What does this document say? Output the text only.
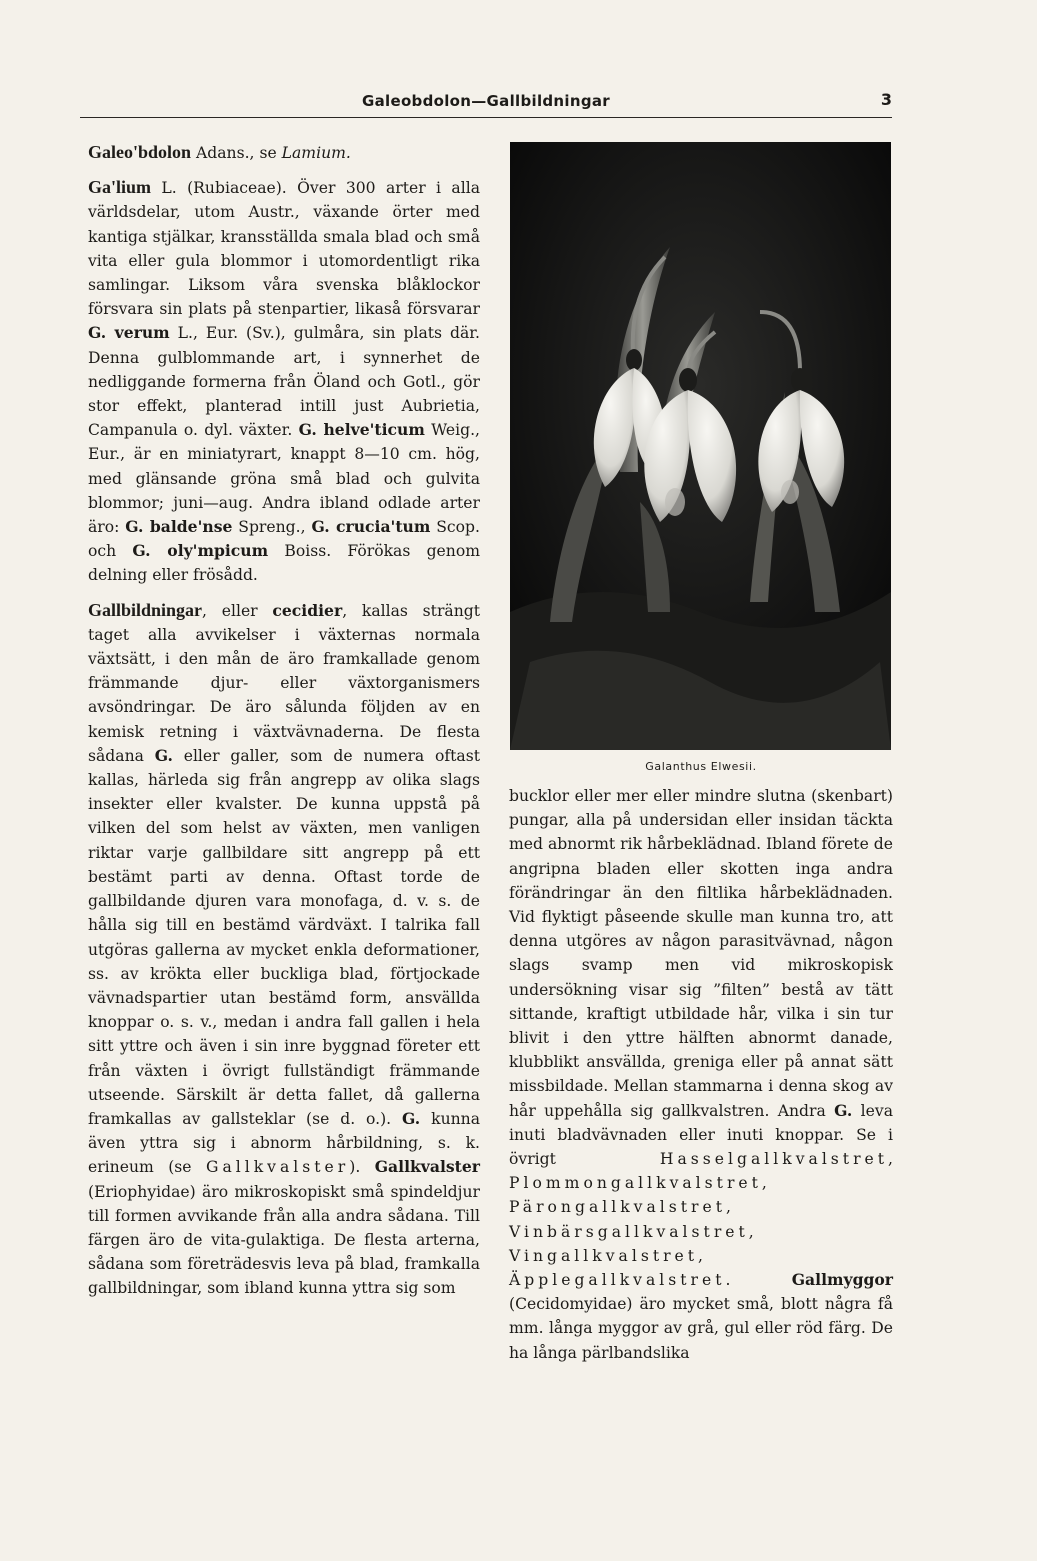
Galeobdolon—Gallbildningar	3

Galeo'bdolon Adans., se Lamium.

Ga'lium L. (Rubiaceae). Över 300 arter i alla världsdelar, utom Austr., växande örter med kantiga stjälkar, kransställda smala blad och små vita eller gula blommor i utomordentligt rika samlingar. Liksom våra svenska blåklockor försvara sin plats på stenpartier, likaså försvarar G. verum L., Eur. (Sv.), gulmåra, sin plats där. Denna gulblommande art, i synnerhet de nedliggande formerna från Öland och Gotl., gör stor effekt, planterad intill just Aubrietia, Campanula o. dyl. växter. G. helve'ticum Weig., Eur., är en miniatyrart, knappt 8—10 cm. hög, med glänsande gröna små blad och gulvita blommor; juni—aug. Andra ibland odlade arter äro: G. balde'nse Spreng., G. crucia'tum Scop. och G. oly'mpicum Boiss. Förökas genom delning eller frösådd.

Gallbildningar, eller cecidier, kallas strängt taget alla avvikelser i växternas normala växtsätt, i den mån de äro framkallade genom främmande djur- eller växtorganismers avsöndringar. De äro sålunda följden av en kemisk retning i växtvävnaderna. De flesta sådana G. eller galler, som de numera oftast kallas, härleda sig från angrepp av olika slags insekter eller kvalster. De kunna uppstå på vilken del som helst av växten, men vanligen riktar varje gallbildare sitt angrepp på ett bestämt parti av denna. Oftast torde de gallbildande djuren vara monofaga, d. v. s. de hålla sig till en bestämd värdväxt. I talrika fall utgöras gallerna av mycket enkla deformationer, ss. av krökta eller buckliga blad, förtjockade vävnadspartier utan bestämd form, ansvällda knoppar o. s. v., medan i andra fall gallen i hela sitt yttre och även i sin inre byggnad företer ett från växten i övrigt fullständigt främmande utseende. Särskilt är detta fallet, då gallerna framkallas av gallsteklar (se d. o.). G. kunna även yttra sig i abnorm hårbildning, s. k. erineum (se Gallkvalster). Gallkvalster (Eriophyidae) äro mikroskopiskt små spindeldjur till formen avvikande från alla andra sådana. Till färgen äro de vita-gulaktiga. De flesta arterna, sådana som företrädesvis leva på blad, framkalla gallbildningar, som ibland kunna yttra sig som

Galanthus Elwesii.

bucklor eller mer eller mindre slutna (skenbart) pungar, alla på undersidan eller insidan täckta med abnormt rik hårbeklädnad. Ibland förete de angripna bladen eller skotten inga andra förändringar än den filtlika hårbeklädnaden. Vid flyktigt påseende skulle man kunna tro, att denna utgöres av någon parasitvävnad, någon slags svamp men vid mikroskopisk undersökning visar sig ”filten” bestå av tätt sittande, kraftigt utbildade hår, vilka i sin tur blivit i den yttre hälften abnormt danade, klubblikt ansvällda, greniga eller på annat sätt missbildade. Mellan stammarna i denna skog av hår uppehålla sig gallkvalstren. Andra G. leva inuti bladvävnaden eller inuti knoppar. Se i övrigt Hasselgallkvalstret, Plommongallkvalstret, Pärongallkvalstret, Vinbärsgallkvalstret, Vingallkvalstret, Äpplegallkvalstret. Gallmyggor (Cecidomyidae) äro mycket små, blott några få mm. långa myggor av grå, gul eller röd färg. De ha långa pärlbandslika
